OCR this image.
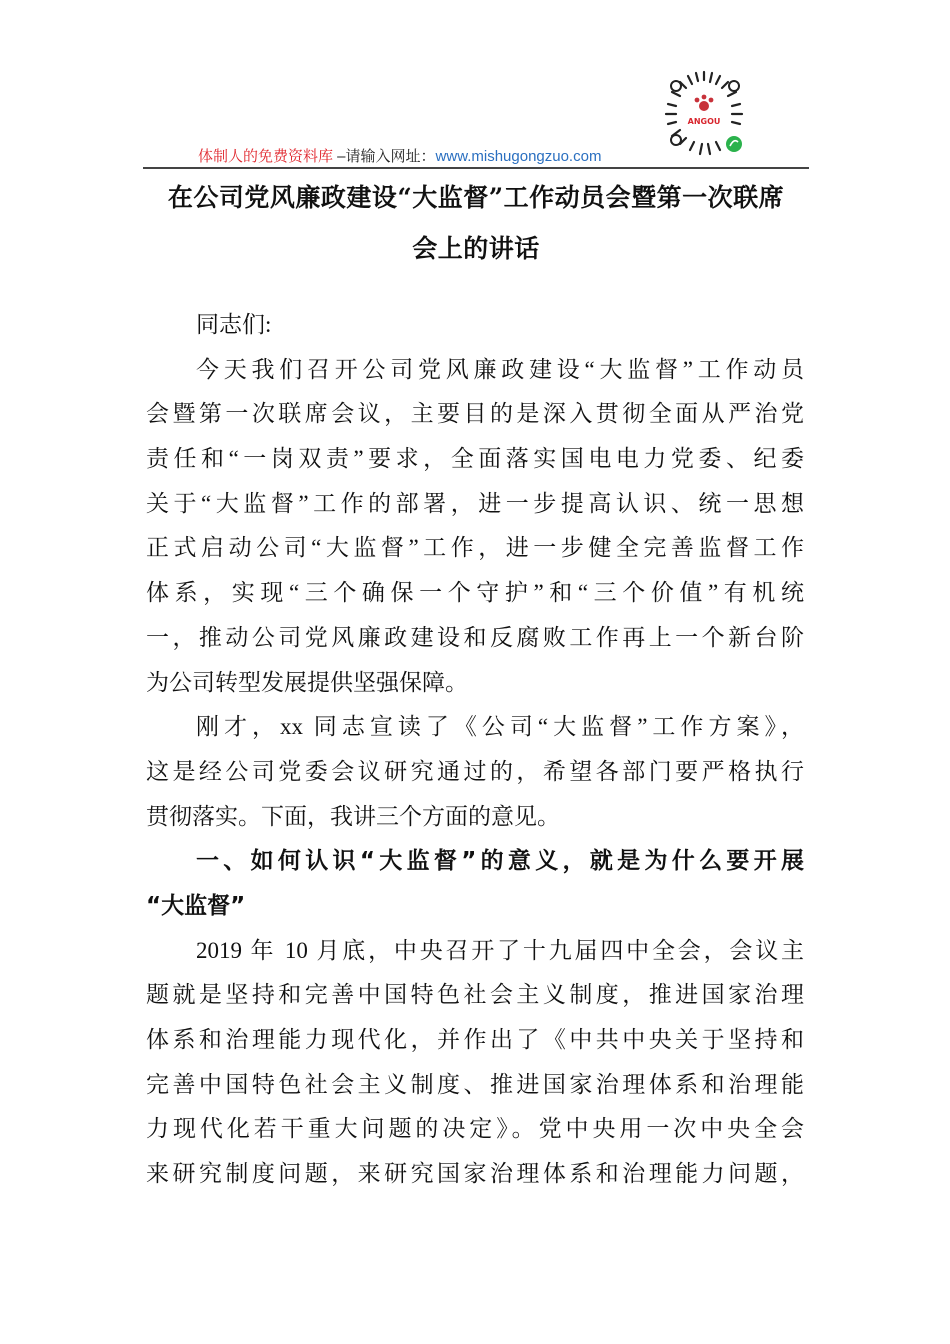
ANGOU
体制人的免费资料库 –请输入网址：www.mishugongzuo.com
在公司党风廉政建设“大监督”工作动员会暨第一次联席
会上的讲话
同志们:
今天我们召开公司党风廉政建设“大监督”工作动员
会暨第一次联席会议，主要目的是深入贯彻全面从严治党
责任和“一岗双责”要求，全面落实国电电力党委、纪委
关于“大监督”工作的部署，进一步提高认识、统一思想
正式启动公司“大监督”工作，进一步健全完善监督工作
体系，实现“三个确保一个守护”和“三个价值”有机统
一，推动公司党风廉政建设和反腐败工作再上一个新台阶
为公司转型发展提供坚强保障。
刚才，xx 同志宣读了《公司“大监督”工作方案》，
这是经公司党委会议研究通过的，希望各部门要严格执行
贯彻落实。下面，我讲三个方面的意见。
一、如何认识“大监督”的意义，就是为什么要开展
“大监督”
2019 年 10 月底，中央召开了十九届四中全会，会议主
题就是坚持和完善中国特色社会主义制度，推进国家治理
体系和治理能力现代化，并作出了《中共中央关于坚持和
完善中国特色社会主义制度、推进国家治理体系和治理能
力现代化若干重大问题的决定》。党中央用一次中央全会
来研究制度问题，来研究国家治理体系和治理能力问题，
